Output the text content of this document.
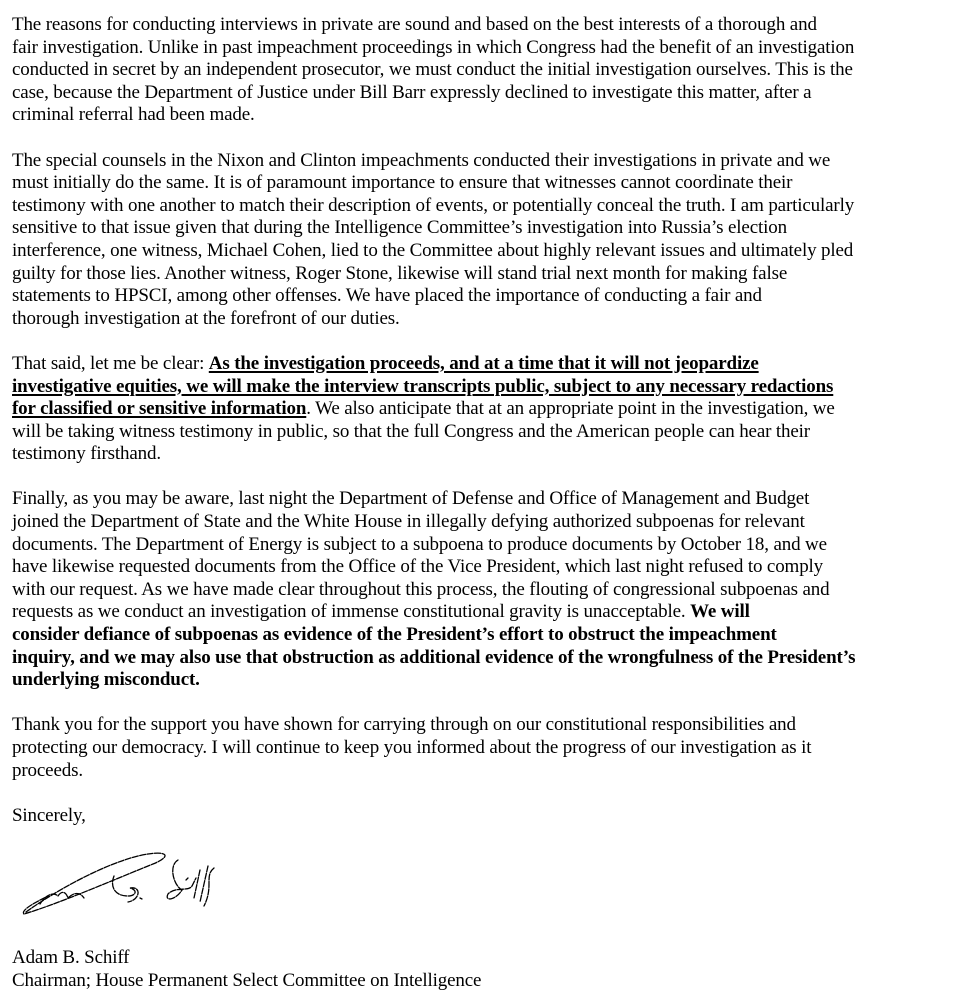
The reasons for conducting interviews in private are sound and based on the best interests of a thorough and
fair investigation. Unlike in past impeachment proceedings in which Congress had the benefit of an investigation
conducted in secret by an independent prosecutor, we must conduct the initial investigation ourselves. This is the
case, because the Department of Justice under Bill Barr expressly declined to investigate this matter, after a
criminal referral had been made.
The special counsels in the Nixon and Clinton impeachments conducted their investigations in private and we
must initially do the same. It is of paramount importance to ensure that witnesses cannot coordinate their
testimony with one another to match their description of events, or potentially conceal the truth. I am particularly
sensitive to that issue given that during the Intelligence Committee’s investigation into Russia’s election
interference, one witness, Michael Cohen, lied to the Committee about highly relevant issues and ultimately pled
guilty for those lies. Another witness, Roger Stone, likewise will stand trial next month for making false
statements to HPSCI, among other offenses. We have placed the importance of conducting a fair and
thorough investigation at the forefront of our duties.
That said, let me be clear: As the investigation proceeds, and at a time that it will not jeopardize
investigative equities, we will make the interview transcripts public, subject to any necessary redactions
for classified or sensitive information. We also anticipate that at an appropriate point in the investigation, we
will be taking witness testimony in public, so that the full Congress and the American people can hear their
testimony firsthand.
Finally, as you may be aware, last night the Department of Defense and Office of Management and Budget
joined the Department of State and the White House in illegally defying authorized subpoenas for relevant
documents. The Department of Energy is subject to a subpoena to produce documents by October 18, and we
have likewise requested documents from the Office of the Vice President, which last night refused to comply
with our request. As we have made clear throughout this process, the flouting of congressional subpoenas and
requests as we conduct an investigation of immense constitutional gravity is unacceptable. We will
consider defiance of subpoenas as evidence of the President’s effort to obstruct the impeachment
inquiry, and we may also use that obstruction as additional evidence of the wrongfulness of the President’s
underlying misconduct.
Thank you for the support you have shown for carrying through on our constitutional responsibilities and
protecting our democracy. I will continue to keep you informed about the progress of our investigation as it
proceeds.
Sincerely,
Adam B. Schiff
Chairman; House Permanent Select Committee on Intelligence
